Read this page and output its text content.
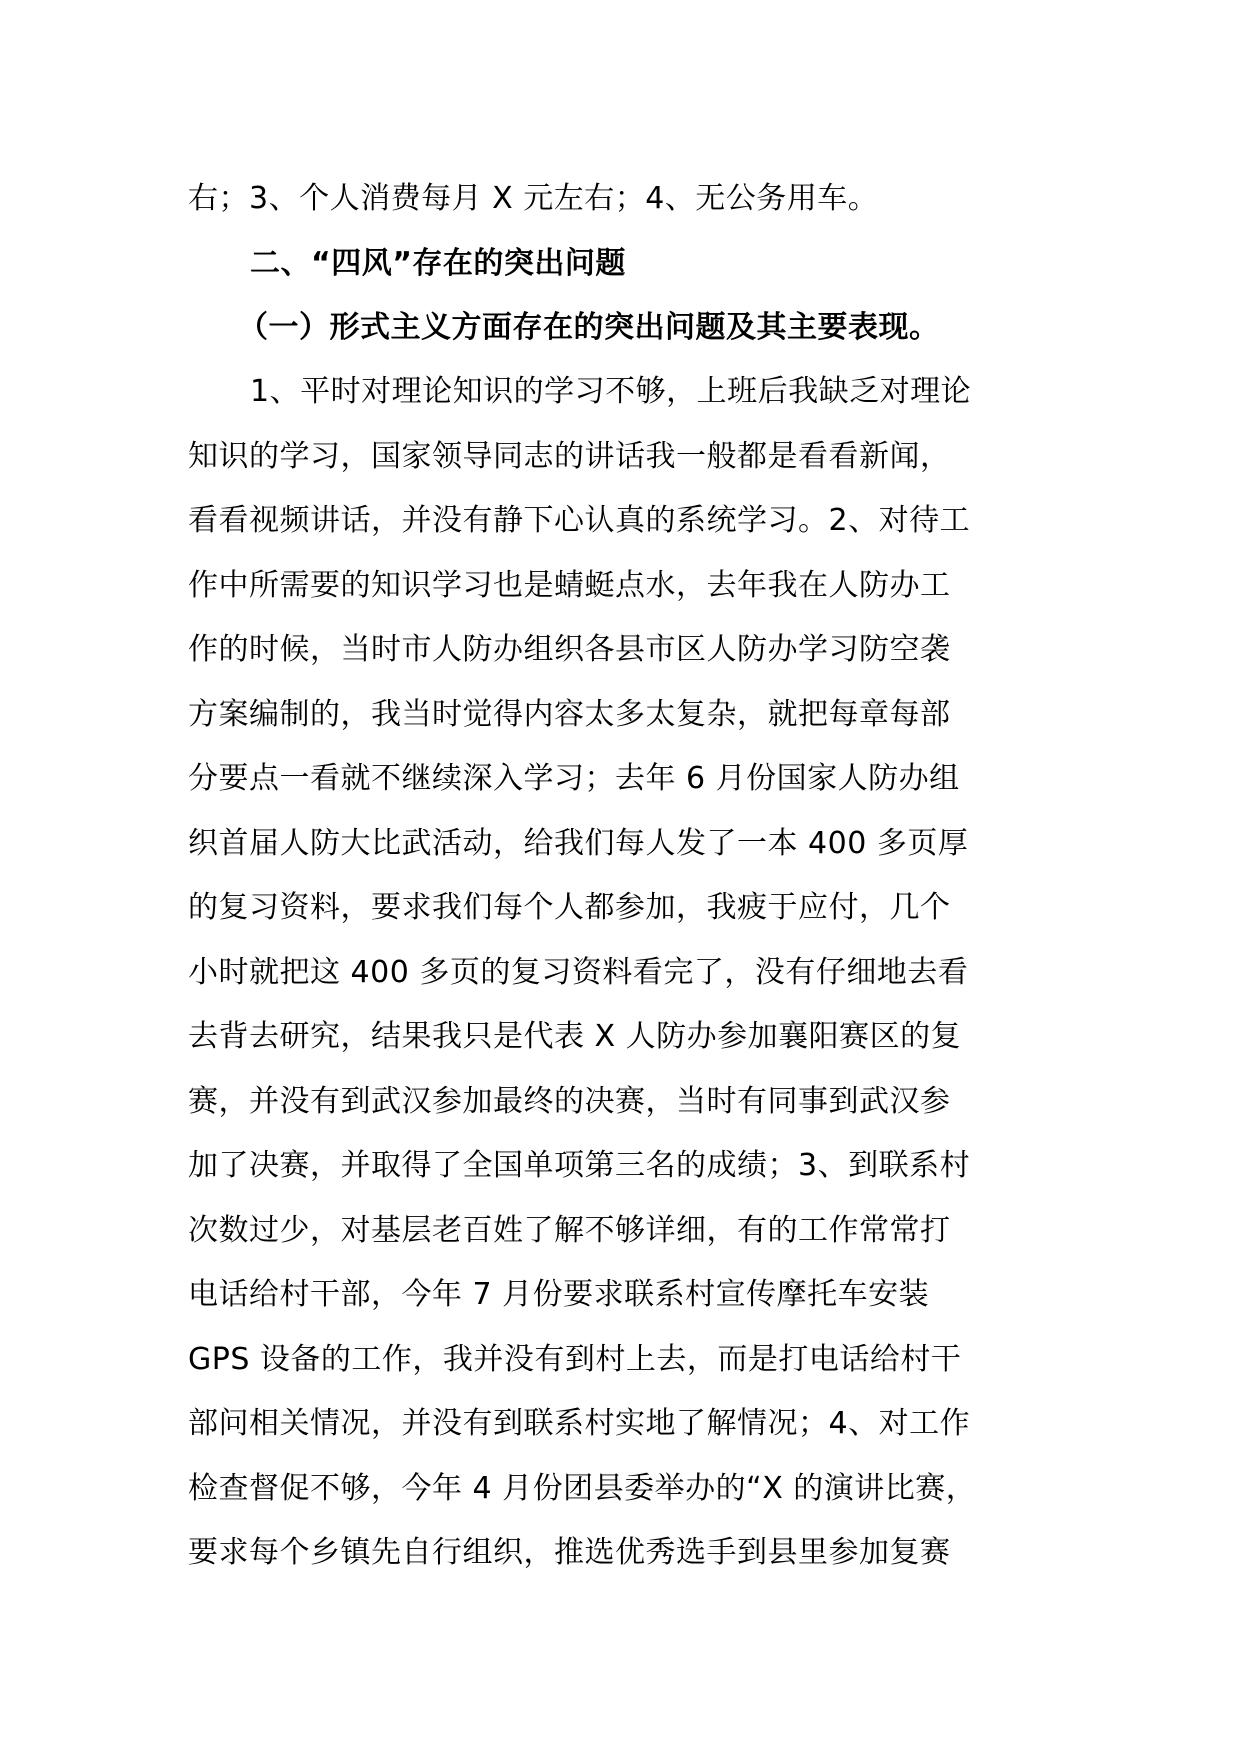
右；3、个人消费每月 X 元左右；4、无公务用车。
二、“四风”存在的突出问题
（一）形式主义方面存在的突出问题及其主要表现。
1、平时对理论知识的学习不够，上班后我缺乏对理论
知识的学习，国家领导同志的讲话我一般都是看看新闻，
看看视频讲话，并没有静下心认真的系统学习。2、对待工
作中所需要的知识学习也是蜻蜓点水，去年我在人防办工
作的时候，当时市人防办组织各县市区人防办学习防空袭
方案编制的，我当时觉得内容太多太复杂，就把每章每部
分要点一看就不继续深入学习；去年 6 月份国家人防办组
织首届人防大比武活动，给我们每人发了一本 400 多页厚
的复习资料，要求我们每个人都参加，我疲于应付，几个
小时就把这 400 多页的复习资料看完了，没有仔细地去看
去背去研究，结果我只是代表 X 人防办参加襄阳赛区的复
赛，并没有到武汉参加最终的决赛，当时有同事到武汉参
加了决赛，并取得了全国单项第三名的成绩；3、到联系村
次数过少，对基层老百姓了解不够详细，有的工作常常打
电话给村干部，今年 7 月份要求联系村宣传摩托车安装
GPS 设备的工作，我并没有到村上去，而是打电话给村干
部问相关情况，并没有到联系村实地了解情况；4、对工作
检查督促不够，今年 4 月份团县委举办的“X 的演讲比赛，
要求每个乡镇先自行组织，推选优秀选手到县里参加复赛
